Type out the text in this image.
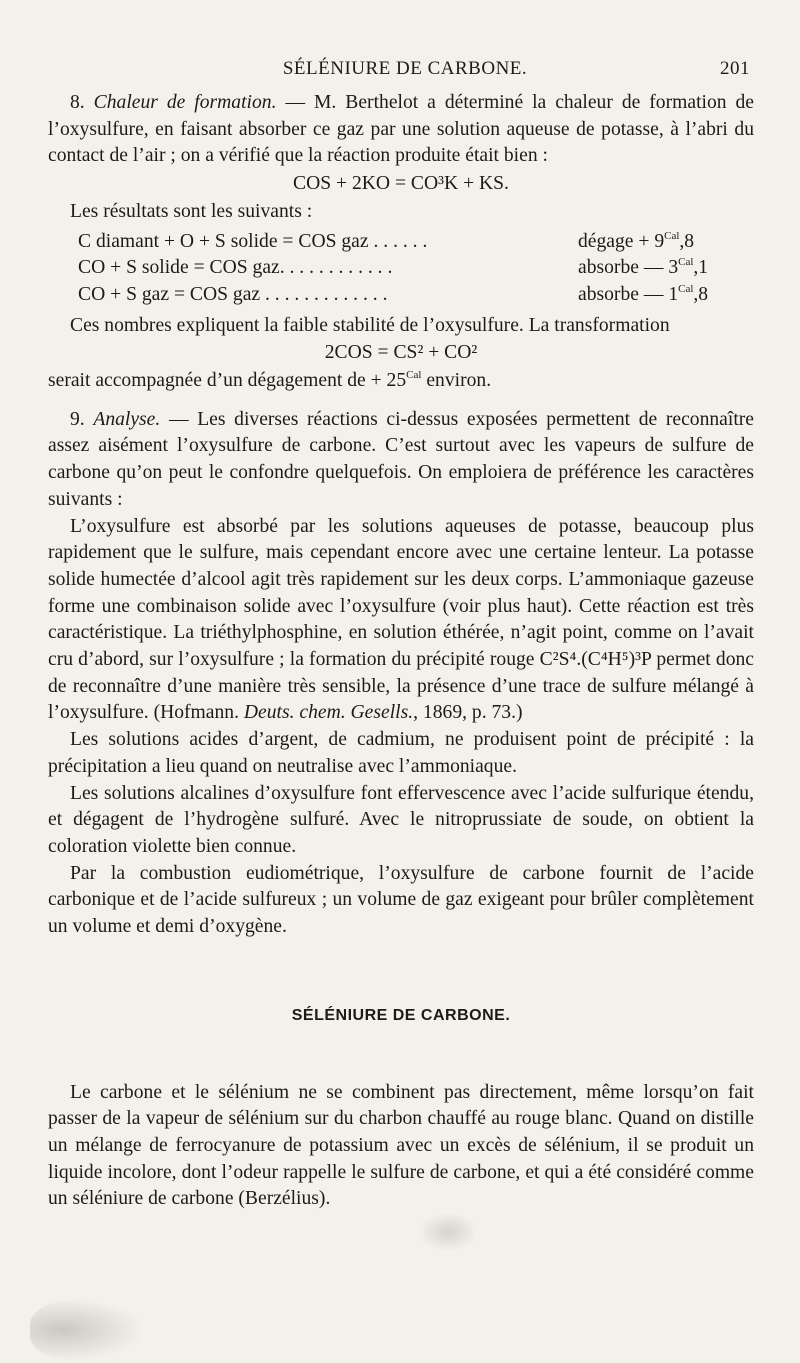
SÉLÉNIURE DE CARBONE.	201

8. Chaleur de formation. — M. Berthelot a déterminé la chaleur de formation de l’oxysulfure, en faisant absorber ce gaz par une solution aqueuse de potasse, à l’abri du contact de l’air ; on a vérifié que la réaction produite était bien :

COS + 2KO = CO³K + KS.

Les résultats sont les suivants :

C diamant + O + S solide = COS gaz . . . . . .	dégage + $9^{Cal},8$
CO + S solide = COS gaz. . . . . . . . . . . .	absorbe — $3^{Cal},1$
CO + S gaz = COS gaz . . . . . . . . . . . . .	absorbe — $1^{Cal},8$

Ces nombres expliquent la faible stabilité de l’oxysulfure. La transformation

2COS = CS² + CO²

serait accompagnée d’un dégagement de + $25^{Cal}$ environ.

9. Analyse. — Les diverses réactions ci-dessus exposées permettent de reconnaître assez aisément l’oxysulfure de carbone. C’est surtout avec les vapeurs de sulfure de carbone qu’on peut le confondre quelquefois. On emploiera de préférence les caractères suivants :

L’oxysulfure est absorbé par les solutions aqueuses de potasse, beaucoup plus rapidement que le sulfure, mais cependant encore avec une certaine lenteur. La potasse solide humectée d’alcool agit très rapidement sur les deux corps. L’ammoniaque gazeuse forme une combinaison solide avec l’oxysulfure (voir plus haut). Cette réaction est très caractéristique. La triéthylphosphine, en solution éthérée, n’agit point, comme on l’avait cru d’abord, sur l’oxysulfure ; la formation du précipité rouge C²S⁴.(C⁴H⁵)³P permet donc de reconnaître d’une manière très sensible, la présence d’une trace de sulfure mélangé à l’oxysulfure. (Hofmann. Deuts. chem. Gesells., 1869, p. 73.)

Les solutions acides d’argent, de cadmium, ne produisent point de précipité : la précipitation a lieu quand on neutralise avec l’ammoniaque.

Les solutions alcalines d’oxysulfure font effervescence avec l’acide sulfurique étendu, et dégagent de l’hydrogène sulfuré. Avec le nitroprussiate de soude, on obtient la coloration violette bien connue.

Par la combustion eudiométrique, l’oxysulfure de carbone fournit de l’acide carbonique et de l’acide sulfureux ; un volume de gaz exigeant pour brûler complètement un volume et demi d’oxygène.

SÉLÉNIURE DE CARBONE.

Le carbone et le sélénium ne se combinent pas directement, même lorsqu’on fait passer de la vapeur de sélénium sur du charbon chauffé au rouge blanc. Quand on distille un mélange de ferrocyanure de potassium avec un excès de sélénium, il se produit un liquide incolore, dont l’odeur rappelle le sulfure de carbone, et qui a été considéré comme un séléniure de carbone (Berzélius).
